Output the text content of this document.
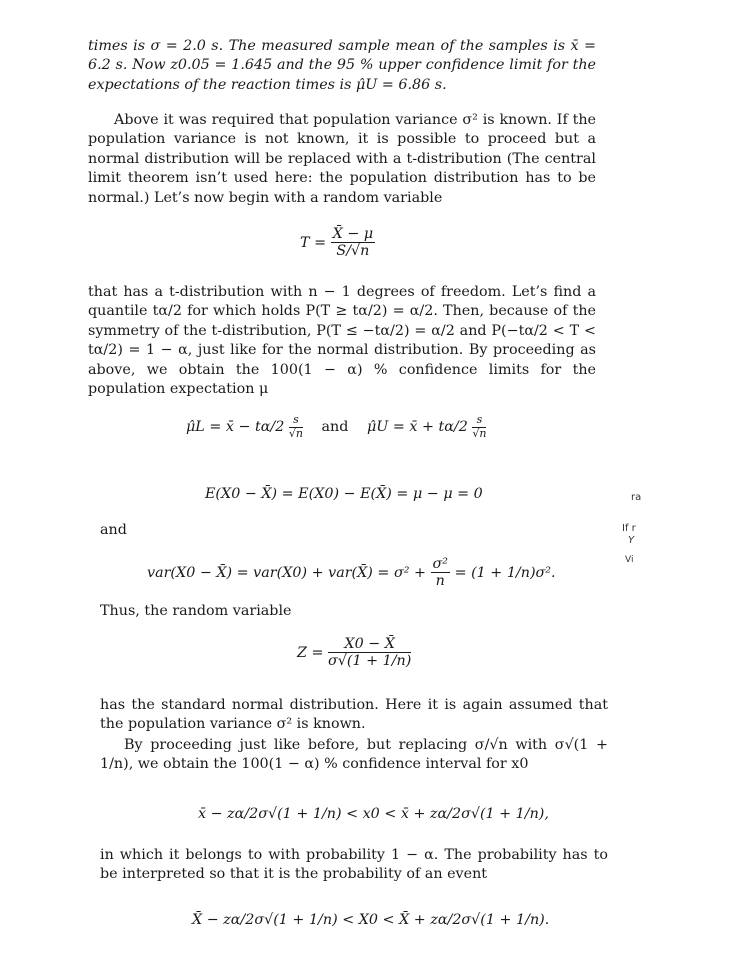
times is σ = 2.0 s. The measured sample mean of the samples is x̄ = 6.2 s. Now z0.05 = 1.645 and the 95 % upper confidence limit for the expectations of the reaction times is μ̂U = 6.86 s.
Above it was required that population variance σ² is known. If the population variance is not known, it is possible to proceed but a normal distribution will be replaced with a t-distribution (The central limit theorem isn’t used here: the population distribution has to be normal.) Let’s now begin with a random variable
$T = \frac{X̄ - \mu}{S/√n}$
that has a t-distribution with n − 1 degrees of freedom. Let’s find a quantile tα/2 for which holds P(T ≥ tα/2) = α/2. Then, because of the symmetry of the t-distribution, P(T ≤ −tα/2) = α/2 and P(−tα/2 < T < tα/2) = 1 − α, just like for the normal distribution. By proceeding as above, we obtain the 100(1 − α) % confidence limits for the population expectation μ
μ̂L = x̄ − $t\alpha/2 \frac{s}{√n}$ and μ̂U = x̄ + $t\alpha/2 \frac{s}{√n}$
E(X0 − X̄) = E(X0) − E(X̄) = μ − μ = 0
and
var(X0 − X̄) = var(X0) + var(X̄) = $\sigma^2 + \frac{\text{σ²}}{n} = (1 + 1/n)\sigma^2$.
Thus, the random variable
$Z = \frac{X0 - X̄}{\sigma√(1 + 1/n)}$
has the standard normal distribution. Here it is again assumed that the population variance σ² is known.
By proceeding just like before, but replacing σ/√n with σ√(1 + 1/n), we obtain the 100(1 − α) % confidence interval for x0
x̄ − zα/2σ√(1 + 1/n) < x0 < x̄ + zα/2σ√(1 + 1/n),
in which it belongs to with probability 1 − α. The probability has to be interpreted so that it is the probability of an event
X̄ − zα/2σ√(1 + 1/n) < X0 < X̄ + zα/2σ√(1 + 1/n).
ra
If r
Y
Vi
